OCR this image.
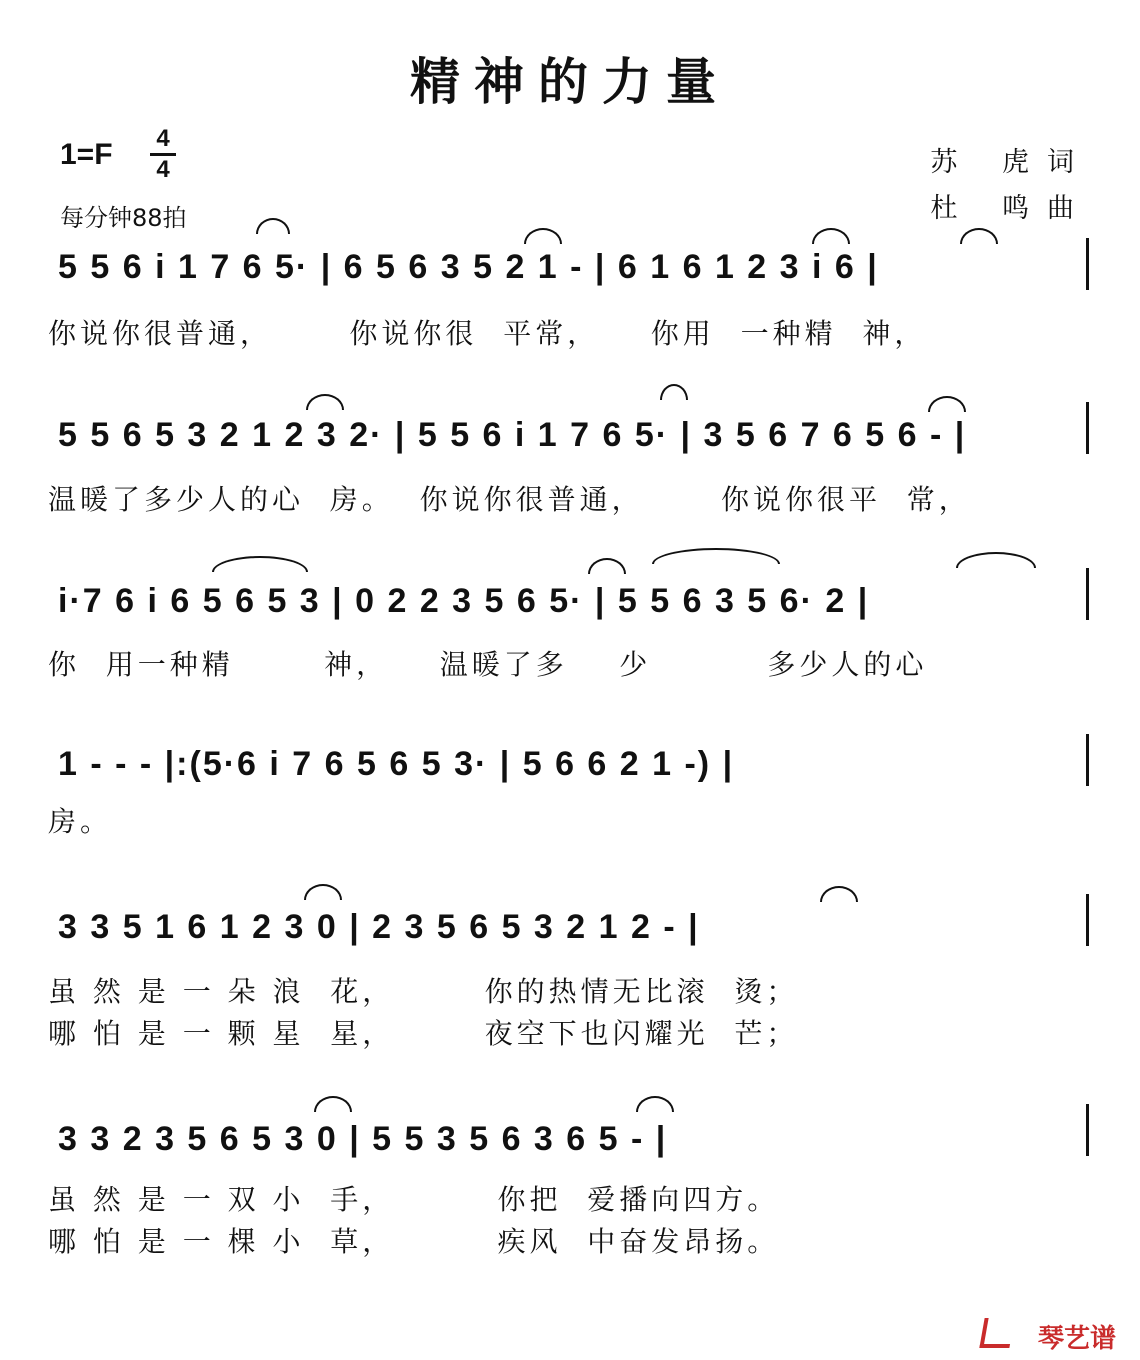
精神的力量
1=F 4
4
每分钟88拍
苏 虎词
杜 鸣曲
5 5 6 i 1 7 6 5· | 6 5 6 3 5 2 1 - | 6 1 6 1 2 3 i 6 |
你说你很普通，      你说你很  平常，    你用  一种精  神，
5 5 6 5 3 2 1 2 3 2· | 5 5 6 i 1 7 6 5· | 3 5 6 7 6 5 6 - |
温暖了多少人的心  房。  你说你很普通，      你说你很平  常，
i·7 6 i 6 5 6 5 3 | 0 2 2 3 5 6 5· | 5 5 6 3 5 6· 2 |
你  用一种精       神，    温暖了多    少         多少人的心
1 - - - |:(5·6 i 7 6 5 6 5 3· | 5 6 6 2 1 -) |
房。
3 3 5 1 6 1 2 3 0 | 2 3 5 6 5 3 2 1 2 - |
虽 然 是 一 朵 浪  花，       你的热情无比滚  烫；
哪 怕 是 一 颗 星  星，       夜空下也闪耀光  芒；
3 3 2 3 5 6 5 3 0 | 5 5 3 5 6 3 6 5 - |
虽 然 是 一 双 小  手，        你把  爱播向四方。
哪 怕 是 一 棵 小  草，        疾风  中奋发昂扬。
琴艺谱
